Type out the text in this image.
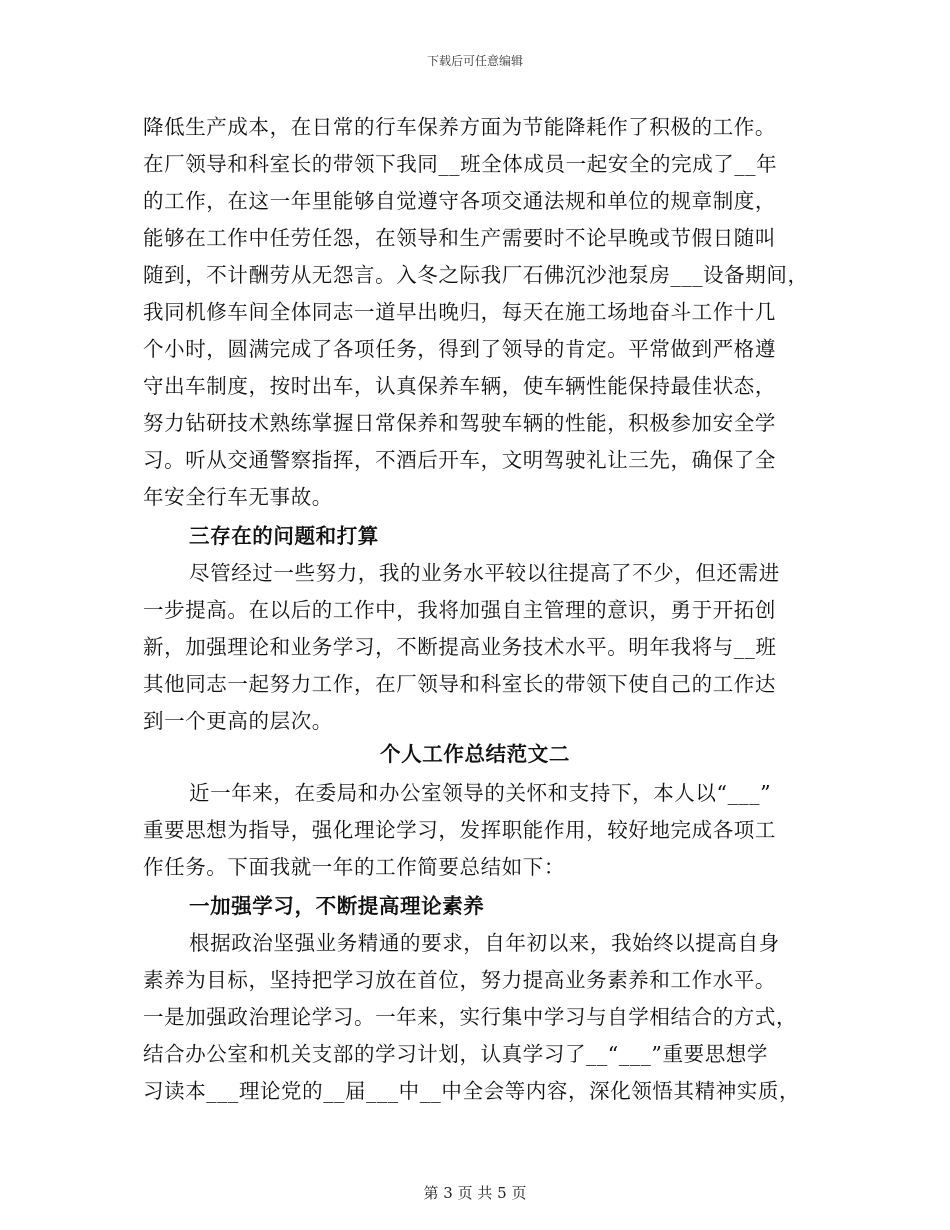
下载后可任意编辑
降低生产成本，在日常的行车保养方面为节能降耗作了积极的工作。
在厂领导和科室长的带领下我同__班全体成员一起安全的完成了__年
的工作，在这一年里能够自觉遵守各项交通法规和单位的规章制度，
能够在工作中任劳任怨，在领导和生产需要时不论早晚或节假日随叫
随到，不计酬劳从无怨言。入冬之际我厂石佛沉沙池泵房___设备期间，
我同机修车间全体同志一道早出晚归，每天在施工场地奋斗工作十几
个小时，圆满完成了各项任务，得到了领导的肯定。平常做到严格遵
守出车制度，按时出车，认真保养车辆，使车辆性能保持最佳状态，
努力钻研技术熟练掌握日常保养和驾驶车辆的性能，积极参加安全学
习。听从交通警察指挥，不酒后开车，文明驾驶礼让三先，确保了全
年安全行车无事故。
三存在的问题和打算
尽管经过一些努力，我的业务水平较以往提高了不少，但还需进
一步提高。在以后的工作中，我将加强自主管理的意识，勇于开拓创
新，加强理论和业务学习，不断提高业务技术水平。明年我将与__班
其他同志一起努力工作，在厂领导和科室长的带领下使自己的工作达
到一个更高的层次。
个人工作总结范文二
近一年来，在委局和办公室领导的关怀和支持下，本人以“___”
重要思想为指导，强化理论学习，发挥职能作用，较好地完成各项工
作任务。下面我就一年的工作简要总结如下：
一加强学习，不断提高理论素养
根据政治坚强业务精通的要求，自年初以来，我始终以提高自身
素养为目标，坚持把学习放在首位，努力提高业务素养和工作水平。
一是加强政治理论学习。一年来，实行集中学习与自学相结合的方式，
结合办公室和机关支部的学习计划，认真学习了__“___”重要思想学
习读本___理论党的__届___中__中全会等内容，深化领悟其精神实质，
第 3 页 共 5 页
